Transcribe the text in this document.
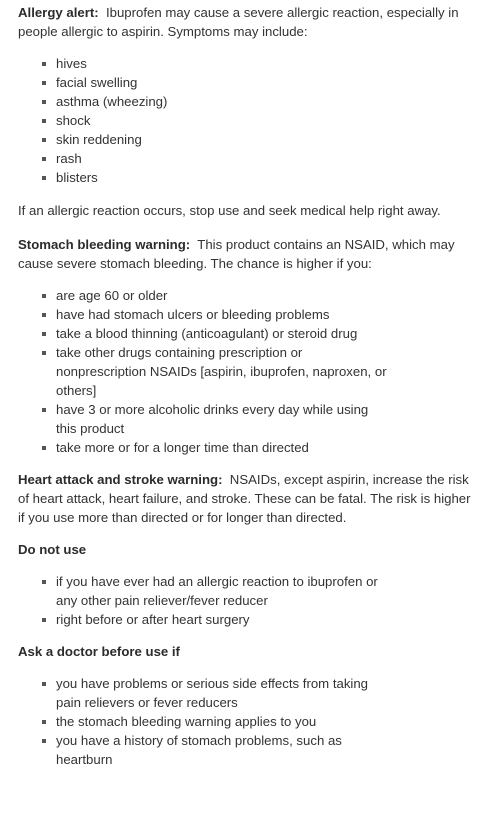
Allergy alert: Ibuprofen may cause a severe allergic reaction, especially in people allergic to aspirin. Symptoms may include:

hives
facial swelling
asthma (wheezing)
shock
skin reddening
rash
blisters

If an allergic reaction occurs, stop use and seek medical help right away.

Stomach bleeding warning: This product contains an NSAID, which may cause severe stomach bleeding. The chance is higher if you:

are age 60 or older
have had stomach ulcers or bleeding problems
take a blood thinning (anticoagulant) or steroid drug
take other drugs containing prescription or nonprescription NSAIDs [aspirin, ibuprofen, naproxen, or others]
have 3 or more alcoholic drinks every day while using this product
take more or for a longer time than directed

Heart attack and stroke warning: NSAIDs, except aspirin, increase the risk of heart attack, heart failure, and stroke. These can be fatal. The risk is higher if you use more than directed or for longer than directed.

Do not use

if you have ever had an allergic reaction to ibuprofen or any other pain reliever/fever reducer
right before or after heart surgery

Ask a doctor before use if

you have problems or serious side effects from taking pain relievers or fever reducers
the stomach bleeding warning applies to you
you have a history of stomach problems, such as heartburn
